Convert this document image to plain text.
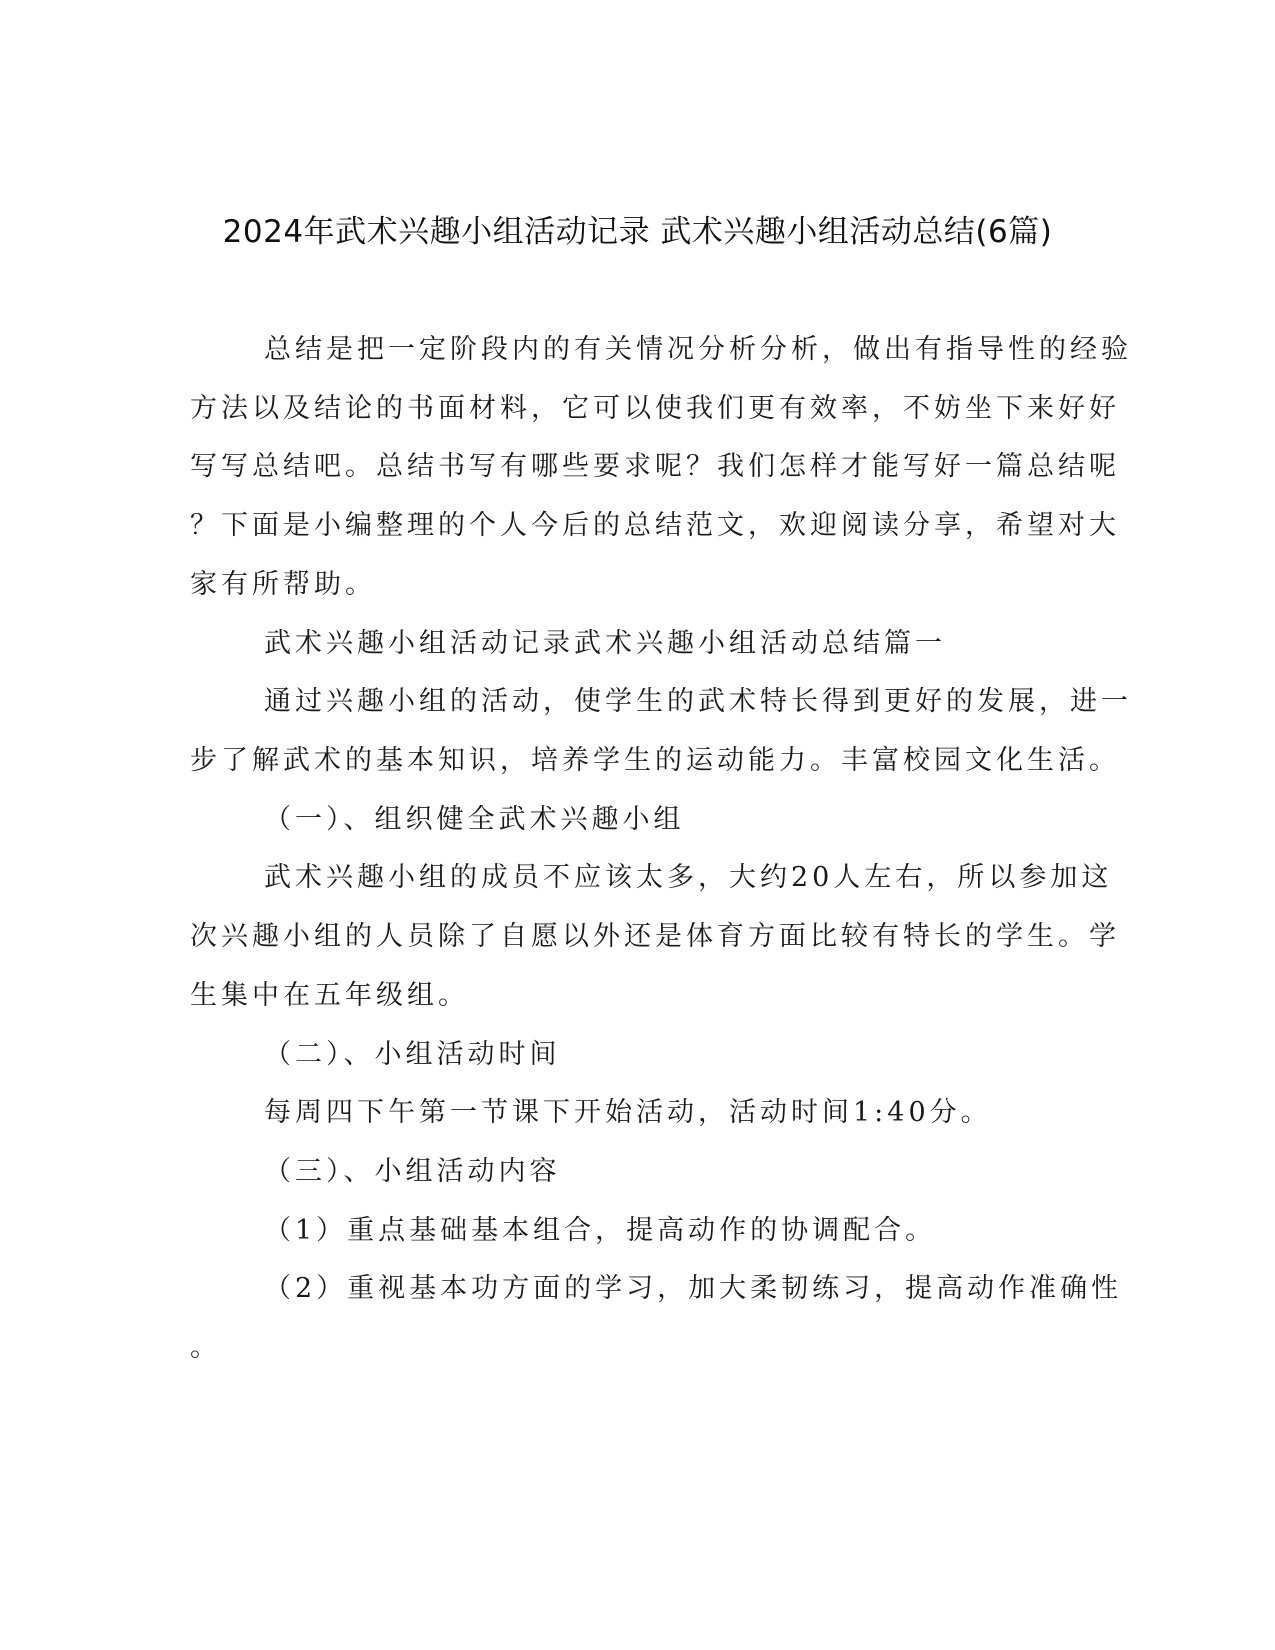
2024年武术兴趣小组活动记录 武术兴趣小组活动总结(6篇)
总结是把一定阶段内的有关情况分析分析，做出有指导性的经验
方法以及结论的书面材料，它可以使我们更有效率，不妨坐下来好好
写写总结吧。总结书写有哪些要求呢？我们怎样才能写好一篇总结呢
？下面是小编整理的个人今后的总结范文，欢迎阅读分享，希望对大
家有所帮助。
武术兴趣小组活动记录武术兴趣小组活动总结篇一
通过兴趣小组的活动，使学生的武术特长得到更好的发展，进一
步了解武术的基本知识，培养学生的运动能力。丰富校园文化生活。
（一）、组织健全武术兴趣小组
武术兴趣小组的成员不应该太多，大约20人左右，所以参加这
次兴趣小组的人员除了自愿以外还是体育方面比较有特长的学生。学
生集中在五年级组。
（二）、小组活动时间
每周四下午第一节课下开始活动，活动时间1:40分。
（三）、小组活动内容
（1）重点基础基本组合，提高动作的协调配合。
（2）重视基本功方面的学习，加大柔韧练习，提高动作准确性
。
